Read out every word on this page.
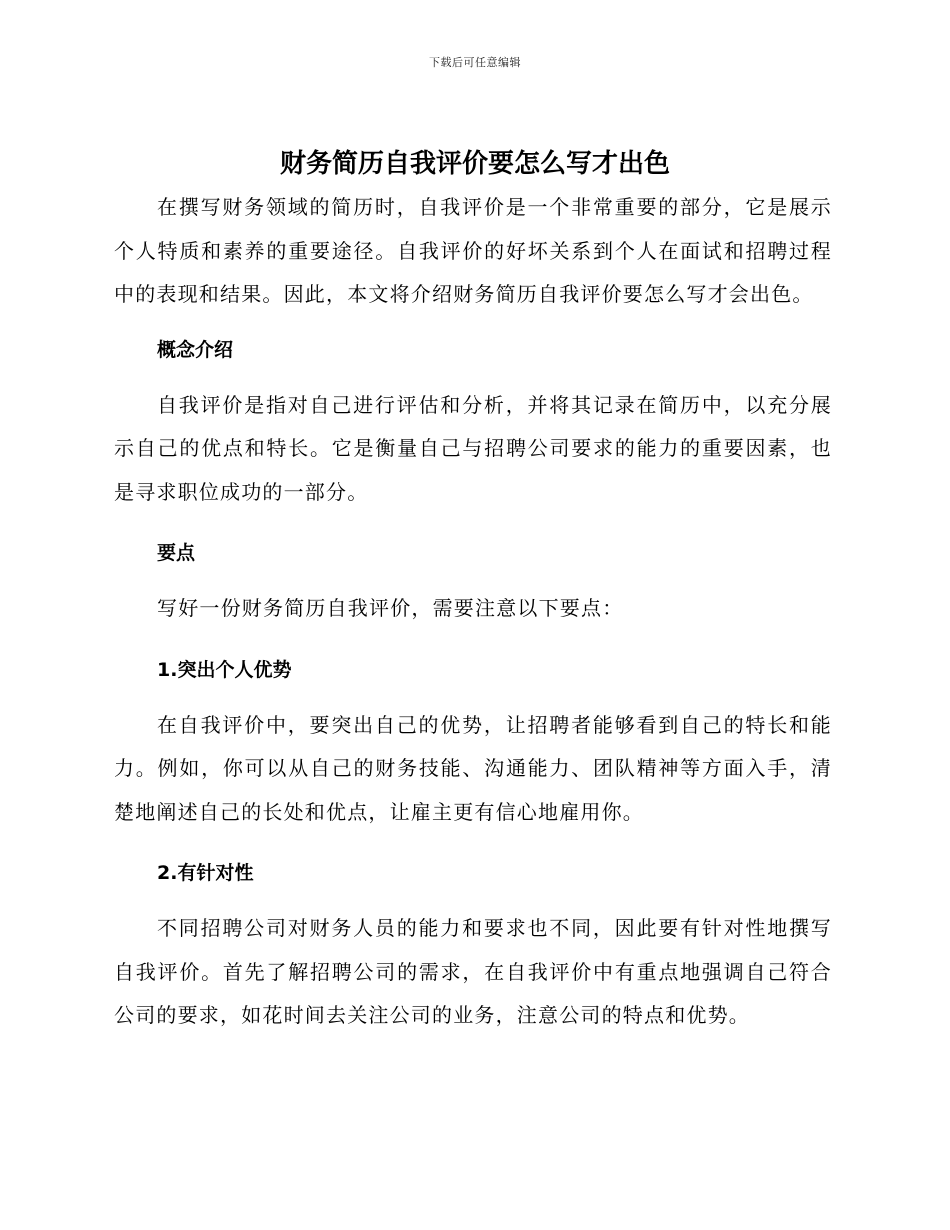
下载后可任意编辑
财务简历自我评价要怎么写才出色

在撰写财务领域的简历时，自我评价是一个非常重要的部分，它是展示个人特质和素养的重要途径。自我评价的好坏关系到个人在面试和招聘过程中的表现和结果。因此，本文将介绍财务简历自我评价要怎么写才会出色。

概念介绍

自我评价是指对自己进行评估和分析，并将其记录在简历中，以充分展示自己的优点和特长。它是衡量自己与招聘公司要求的能力的重要因素，也是寻求职位成功的一部分。

要点

写好一份财务简历自我评价，需要注意以下要点：

1.突出个人优势

在自我评价中，要突出自己的优势，让招聘者能够看到自己的特长和能力。例如，你可以从自己的财务技能、沟通能力、团队精神等方面入手，清楚地阐述自己的长处和优点，让雇主更有信心地雇用你。

2.有针对性

不同招聘公司对财务人员的能力和要求也不同，因此要有针对性地撰写自我评价。首先了解招聘公司的需求，在自我评价中有重点地强调自己符合公司的要求，如花时间去关注公司的业务，注意公司的特点和优势。
